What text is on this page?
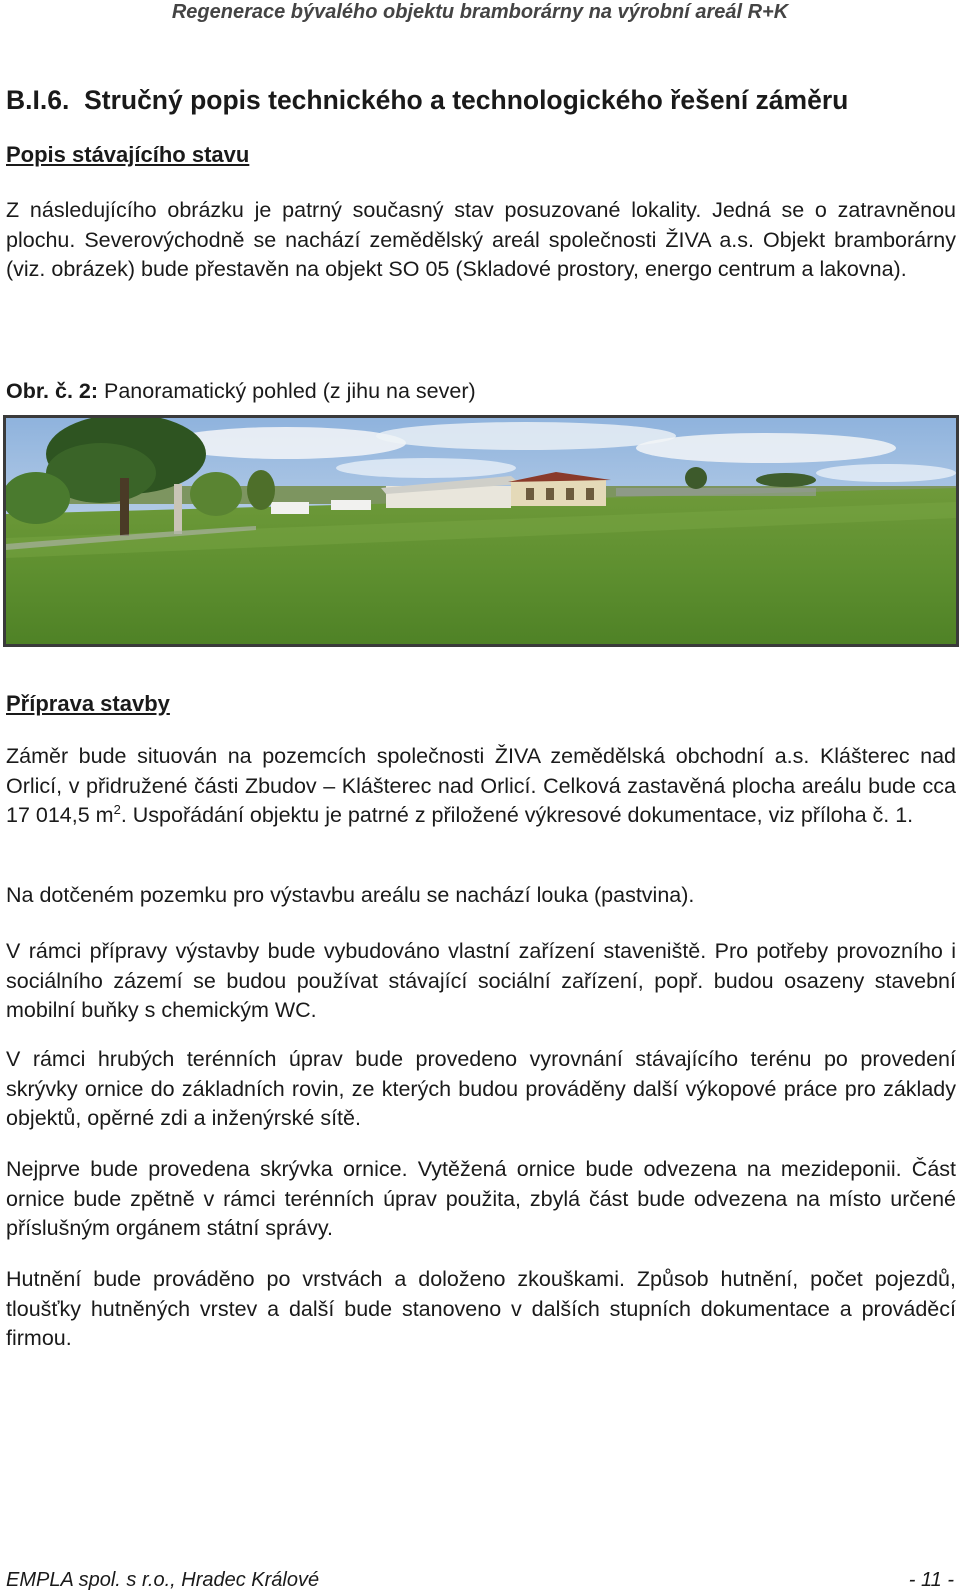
Regenerace bývalého objektu bramborárny na výrobní areál R+K
B.I.6. Stručný popis technického a technologického řešení záměru
Popis stávajícího stavu
Z následujícího obrázku je patrný současný stav posuzované lokality. Jedná se o zatravněnou plochu. Severovýchodně se nachází zemědělský areál společnosti ŽIVA a.s. Objekt bramborárny (viz. obrázek) bude přestavěn na objekt SO 05 (Skladové prostory, energo centrum a lakovna).
Obr. č. 2: Panoramatický pohled (z jihu na sever)
Příprava stavby
Záměr bude situován na pozemcích společnosti ŽIVA zemědělská obchodní a.s. Klášterec nad Orlicí, v přidružené části Zbudov – Klášterec nad Orlicí. Celková zastavěná plocha areálu bude cca 17 014,5 $m^2$. Uspořádání objektu je patrné z přiložené výkresové dokumentace, viz příloha č. 1.
Na dotčeném pozemku pro výstavbu areálu se nachází louka (pastvina).
V rámci přípravy výstavby bude vybudováno vlastní zařízení staveniště. Pro potřeby provozního i sociálního zázemí se budou používat stávající sociální zařízení, popř. budou osazeny stavební mobilní buňky s chemickým WC.
V rámci hrubých terénních úprav bude provedeno vyrovnání stávajícího terénu po provedení skrývky ornice do základních rovin, ze kterých budou prováděny další výkopové práce pro základy objektů, opěrné zdi a inženýrské sítě.
Nejprve bude provedena skrývka ornice. Vytěžená ornice bude odvezena na mezideponii. Část ornice bude zpětně v rámci terénních úprav použita, zbylá část bude odvezena na místo určené příslušným orgánem státní správy.
Hutnění bude prováděno po vrstvách a doloženo zkouškami. Způsob hutnění, počet pojezdů, tloušťky hutněných vrstev a další bude stanoveno v dalších stupních dokumentace a prováděcí firmou.
EMPLA spol. s r.o., Hradec Králové	- 11 -
